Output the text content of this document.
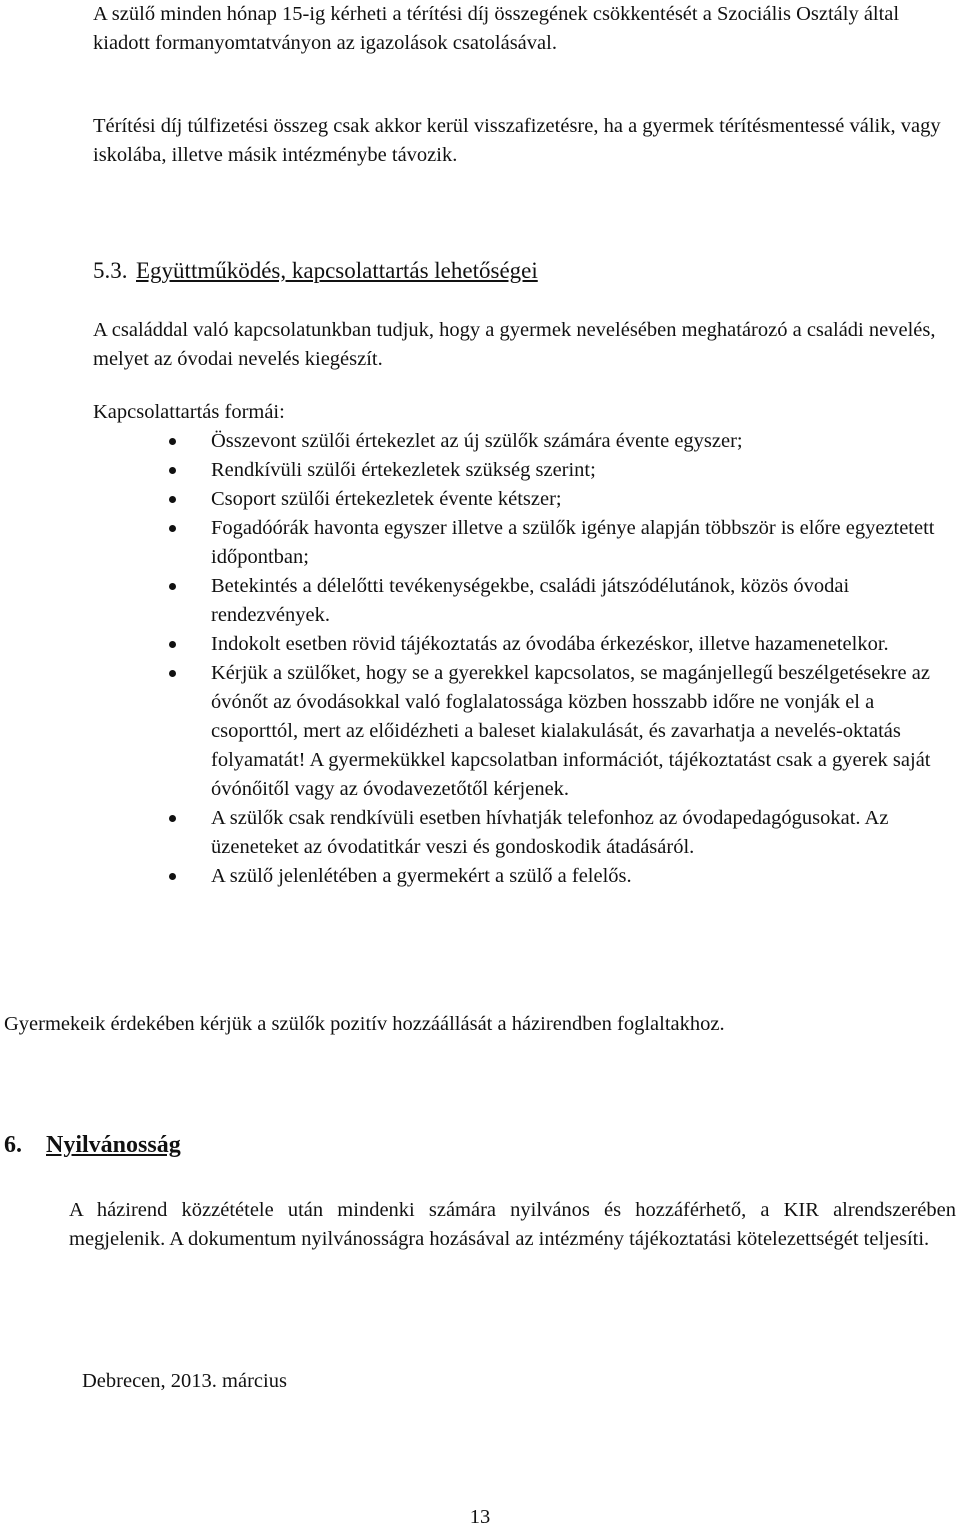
A szülő minden hónap 15-ig kérheti a térítési díj összegének csökkentését a Szociális Osztály által kiadott formanyomtatványon az igazolások csatolásával.

Térítési díj túlfizetési összeg csak akkor kerül visszafizetésre, ha a gyermek térítésmentessé válik, vagy iskolába, illetve másik intézménybe távozik.

5.3. Együttműködés, kapcsolattartás lehetőségei

A családdal való kapcsolatunkban tudjuk, hogy a gyermek nevelésében meghatározó a családi nevelés, melyet az óvodai nevelés kiegészít.

Kapcsolattartás formái:

Összevont szülői értekezlet az új szülők számára évente egyszer;
Rendkívüli szülői értekezletek szükség szerint;
Csoport szülői értekezletek évente kétszer;
Fogadóórák havonta egyszer illetve a szülők igénye alapján többször is előre egyeztetett időpontban;
Betekintés a délelőtti tevékenységekbe, családi játszódélutánok, közös óvodai rendezvények.
Indokolt esetben rövid tájékoztatás az óvodába érkezéskor, illetve hazamenetelkor.
Kérjük a szülőket, hogy se a gyerekkel kapcsolatos, se magánjellegű beszélgetésekre az óvónőt az óvodásokkal való foglalatossága közben hosszabb időre ne vonják el a csoporttól, mert az előidézheti a baleset kialakulását, és zavarhatja a nevelés-oktatás folyamatát! A gyermekükkel kapcsolatban információt, tájékoztatást csak a gyerek saját óvónőitől vagy az óvodavezetőtől kérjenek.
A szülők csak rendkívüli esetben hívhatják telefonhoz az óvodapedagógusokat. Az üzeneteket az óvodatitkár veszi és gondoskodik átadásáról.
A szülő jelenlétében a gyermekért a szülő a felelős.

Gyermekeik érdekében kérjük a szülők pozitív hozzáállását a házirendben foglaltakhoz.

6. Nyilvánosság

A házirend közzététele után mindenki számára nyilvános és hozzáférhető, a KIR alrendszerében megjelenik. A dokumentum nyilvánosságra hozásával az intézmény tájékoztatási kötelezettségét teljesíti.

Debrecen, 2013. március

13
